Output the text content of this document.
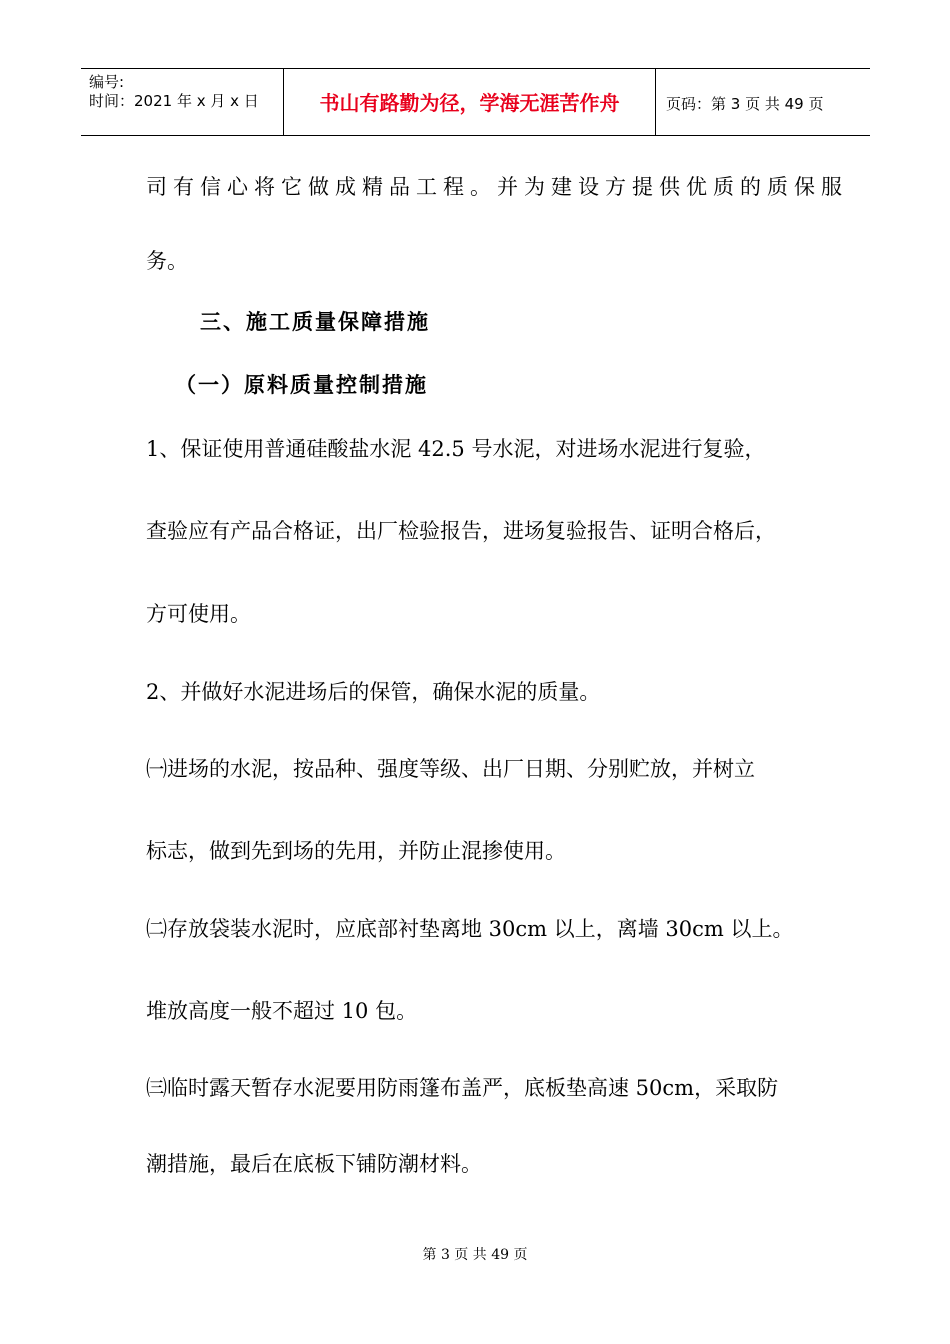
编号:
时间：2021 年 x 月 x 日	书山有路勤为径，学海无涯苦作舟	页码：第 3 页 共 49 页
司有信心将它做成精品工程。并为建设方提供优质的质保服
务。
三、施工质量保障措施
（一）原料质量控制措施
1、保证使用普通硅酸盐水泥 42.5 号水泥，对进场水泥进行复验，
查验应有产品合格证，出厂检验报告，进场复验报告、证明合格后，
方可使用。
2、并做好水泥进场后的保管，确保水泥的质量。
㈠进场的水泥，按品种、强度等级、出厂日期、分别贮放，并树立
标志，做到先到场的先用，并防止混掺使用。
㈡存放袋装水泥时，应底部衬垫离地 30cm 以上，离墙 30cm 以上。
堆放高度一般不超过 10 包。
㈢临时露天暂存水泥要用防雨篷布盖严，底板垫高速 50cm，采取防
潮措施，最后在底板下铺防潮材料。
第 3 页 共 49 页
